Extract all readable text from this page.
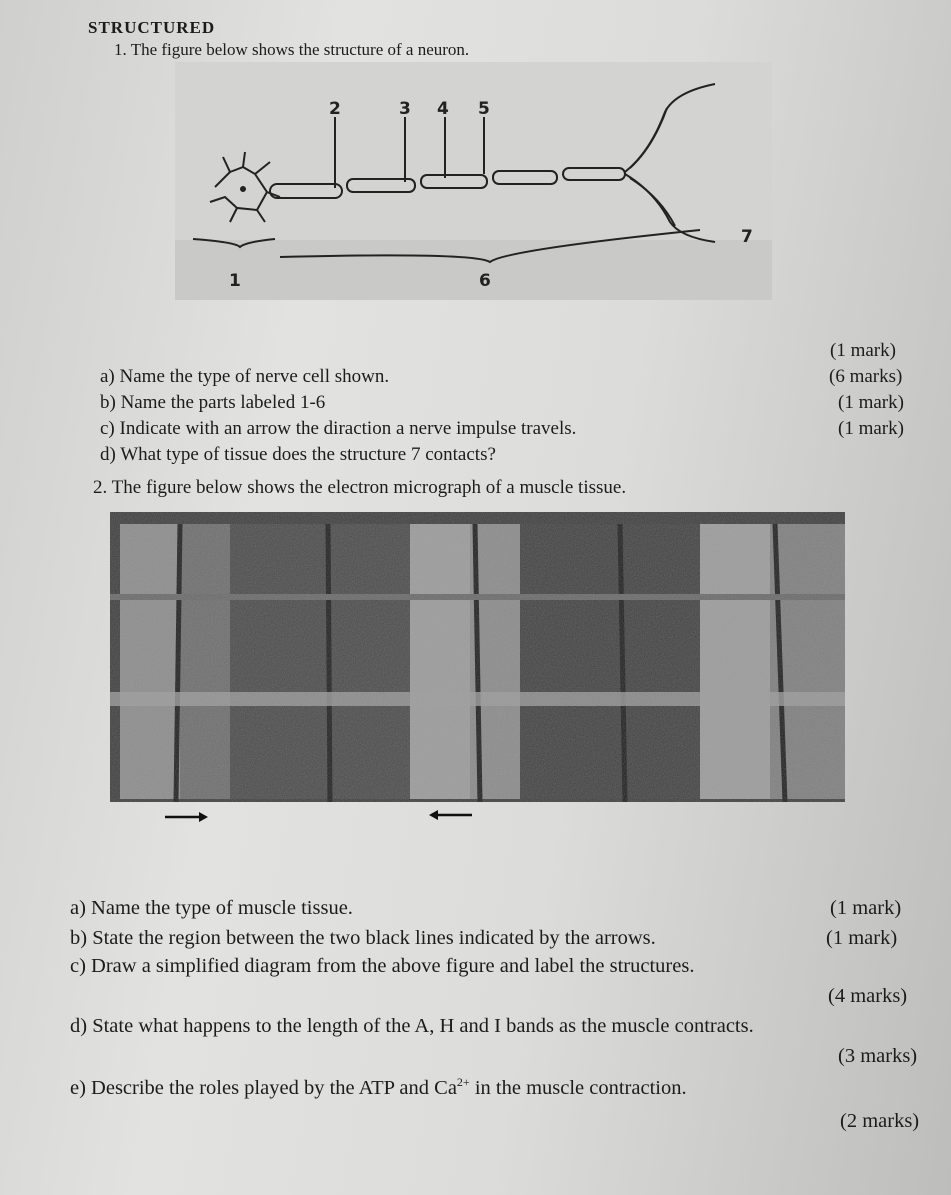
STRUCTURED
1. The figure below shows the structure of a neuron.
2	3 4 5
1	6
7
(1 mark)
a) Name the type of nerve cell shown.	(6 marks)
b) Name the parts labeled 1-6	(1 mark)
c) Indicate with an arrow the diraction a nerve impulse travels.	(1 mark)
d) What type of tissue does the structure 7 contacts?
2. The figure below shows the electron micrograph of a muscle tissue.
a) Name the type of muscle tissue.	(1 mark)
b) State the region between the two black lines indicated by the arrows.	(1 mark)
c) Draw a simplified diagram from the above figure and label the structures.
(4 marks)
d) State what happens to the length of the A, H and I bands as the muscle contracts.
(3 marks)
e) Describe the roles played by the ATP and $Ca^{2+}$ in the muscle contraction.
(2 marks)
